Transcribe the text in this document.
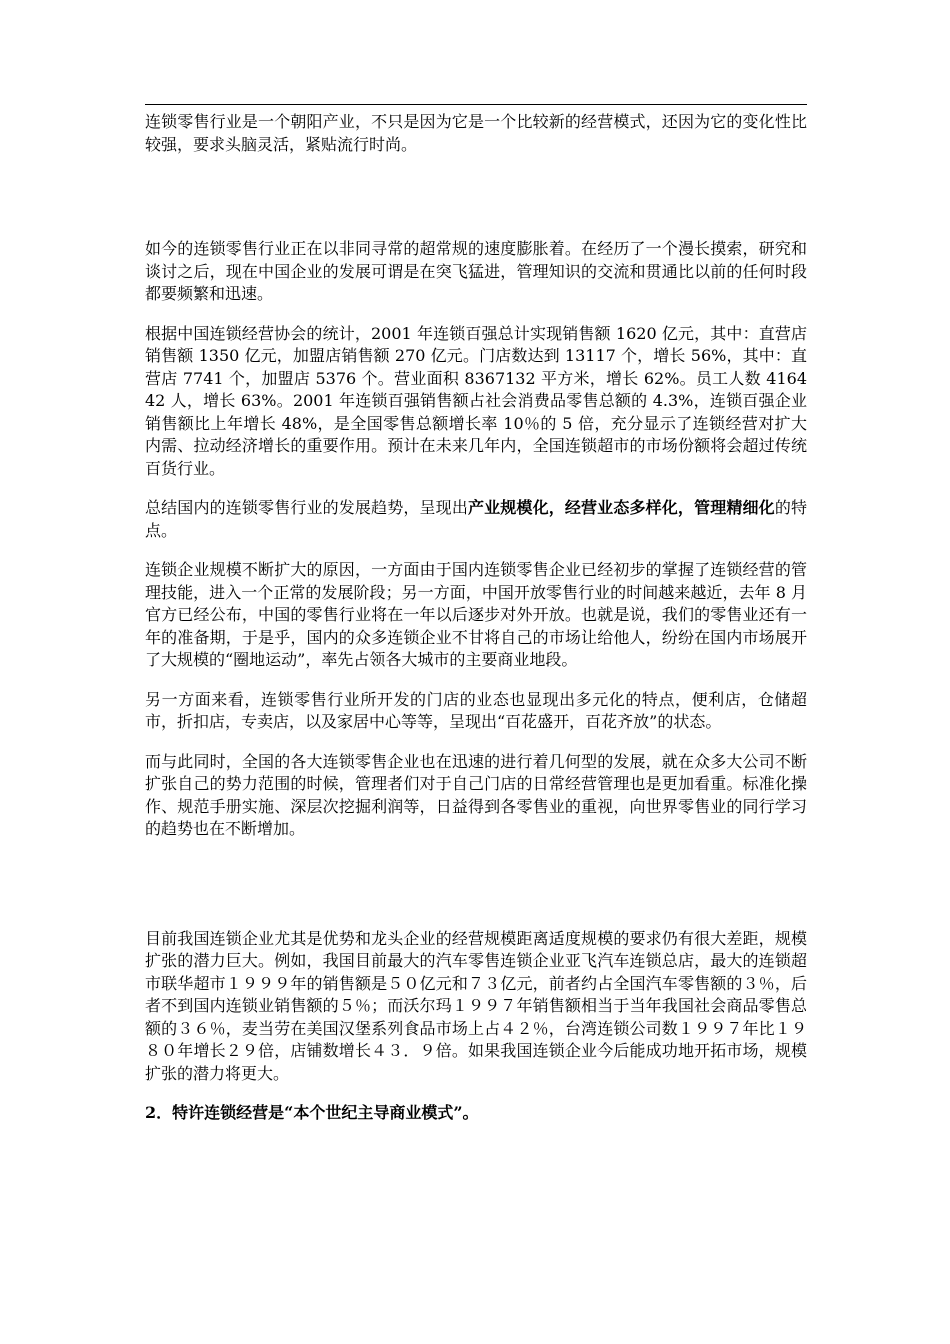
连锁零售行业是一个朝阳产业，不只是因为它是一个比较新的经营模式，还因为它的变化性比较强，要求头脑灵活，紧贴流行时尚。

如今的连锁零售行业正在以非同寻常的超常规的速度膨胀着。在经历了一个漫长摸索，研究和谈讨之后，现在中国企业的发展可谓是在突飞猛进，管理知识的交流和贯通比以前的任何时段都要频繁和迅速。

根据中国连锁经营协会的统计，2001 年连锁百强总计实现销售额 1620 亿元，其中：直营店销售额 1350 亿元，加盟店销售额 270 亿元。门店数达到 13117 个，增长 56%，其中：直营店 7741 个，加盟店 5376 个。营业面积 8367132 平方米，增长 62%。员工人数 416442 人，增长 63%。2001 年连锁百强销售额占社会消费品零售总额的 4.3%，连锁百强企业销售额比上年增长 48%，是全国零售总额增长率 10％的 5 倍，充分显示了连锁经营对扩大内需、拉动经济增长的重要作用。预计在未来几年内，全国连锁超市的市场份额将会超过传统百货行业。

总结国内的连锁零售行业的发展趋势，呈现出产业规模化，经营业态多样化，管理精细化的特点。

连锁企业规模不断扩大的原因，一方面由于国内连锁零售企业已经初步的掌握了连锁经营的管理技能，进入一个正常的发展阶段；另一方面，中国开放零售行业的时间越来越近，去年 8 月官方已经公布，中国的零售行业将在一年以后逐步对外开放。也就是说，我们的零售业还有一年的准备期，于是乎，国内的众多连锁企业不甘将自己的市场让给他人，纷纷在国内市场展开了大规模的“圈地运动”，率先占领各大城市的主要商业地段。

另一方面来看，连锁零售行业所开发的门店的业态也显现出多元化的特点，便利店，仓储超市，折扣店，专卖店，以及家居中心等等，呈现出“百花盛开，百花齐放”的状态。

而与此同时，全国的各大连锁零售企业也在迅速的进行着几何型的发展，就在众多大公司不断扩张自己的势力范围的时候，管理者们对于自己门店的日常经营管理也是更加看重。标准化操作、规范手册实施、深层次挖掘利润等，日益得到各零售业的重视，向世界零售业的同行学习的趋势也在不断增加。

目前我国连锁企业尤其是优势和龙头企业的经营规模距离适度规模的要求仍有很大差距，规模扩张的潜力巨大。例如，我国目前最大的汽车零售连锁企业亚飞汽车连锁总店，最大的连锁超市联华超市１９９９年的销售额是５０亿元和７３亿元，前者约占全国汽车零售额的３％，后者不到国内连锁业销售额的５％；而沃尔玛１９９７年销售额相当于当年我国社会商品零售总额的３６％，麦当劳在美国汉堡系列食品市场上占４２％，台湾连锁公司数１９９７年比１９８０年增长２９倍，店铺数增长４３．９倍。如果我国连锁企业今后能成功地开拓市场，规模扩张的潜力将更大。

2．特许连锁经营是“本个世纪主导商业模式”。
